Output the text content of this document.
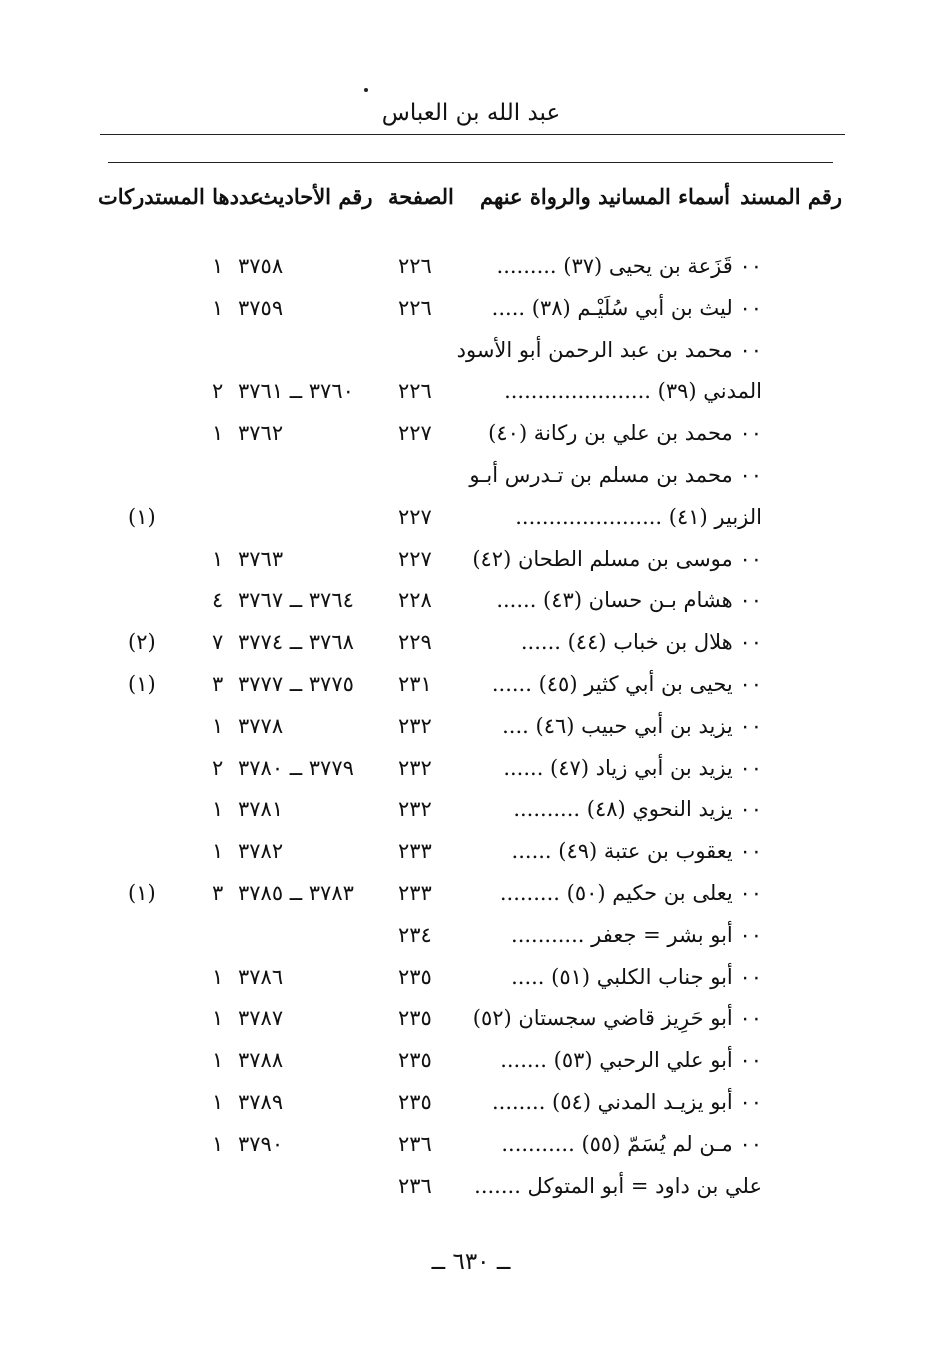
عبد الله بن العباس
رقم المسند
أسماء المسانيد والرواة عنهم
الصفحة
رقم الأحاديث
عددها المستدركات
٠٠ قَزَعة بن يحيى (٣٧) .........
٢٢٦
٣٧٥٨
١
٠٠ ليث بن أبي سُلَيْـم (٣٨) .....
٢٢٦
٣٧٥٩
١
٠٠ محمد بن عبد الرحمن أبو الأسود
المدني (٣٩) ......................
٢٢٦
٣٧٦٠ ــ ٣٧٦١
٢
٠٠ محمد بن علي بن ركانة (٤٠)
٢٢٧
٣٧٦٢
١
٠٠ محمد بن مسلم بن تـدرس أبـو
الزبير (٤١) ......................
٢٢٧
(١)
٠٠ موسى بن مسلم الطحان (٤٢)
٢٢٧
٣٧٦٣
١
٠٠ هشام بـن حسان (٤٣) ......
٢٢٨
٣٧٦٤ ــ ٣٧٦٧
٤
٠٠ هلال بن خباب (٤٤) ......
٢٢٩
٣٧٦٨ ــ ٣٧٧٤
٧
(٢)
٠٠ يحيى بن أبي كثير (٤٥) ......
٢٣١
٣٧٧٥ ــ ٣٧٧٧
٣
(١)
٠٠ يزيد بن أبي حبيب (٤٦) ....
٢٣٢
٣٧٧٨
١
٠٠ يزيد بن أبي زياد (٤٧) ......
٢٣٢
٣٧٧٩ ــ ٣٧٨٠
٢
٠٠ يزيد النحوي (٤٨) ..........
٢٣٢
٣٧٨١
١
٠٠ يعقوب بن عتبة (٤٩) ......
٢٣٣
٣٧٨٢
١
٠٠ يعلى بن حكيم (٥٠) .........
٢٣٣
٣٧٨٣ ــ ٣٧٨٥
٣
(١)
٠٠ أبو بشر = جعفر ...........
٢٣٤
٠٠ أبو جناب الكلبي (٥١) .....
٢٣٥
٣٧٨٦
١
٠٠ أبو حَرِيز قاضي سجستان (٥٢)
٢٣٥
٣٧٨٧
١
٠٠ أبو علي الرحبي (٥٣) .......
٢٣٥
٣٧٨٨
١
٠٠ أبو يزيـد المدني (٥٤) ........
٢٣٥
٣٧٨٩
١
٠٠ مـن لم يُسَمّ (٥٥) ...........
٢٣٦
٣٧٩٠
١
علي بن داود = أبو المتوكل .......
٢٣٦
ــ ٦٣٠ ــ
